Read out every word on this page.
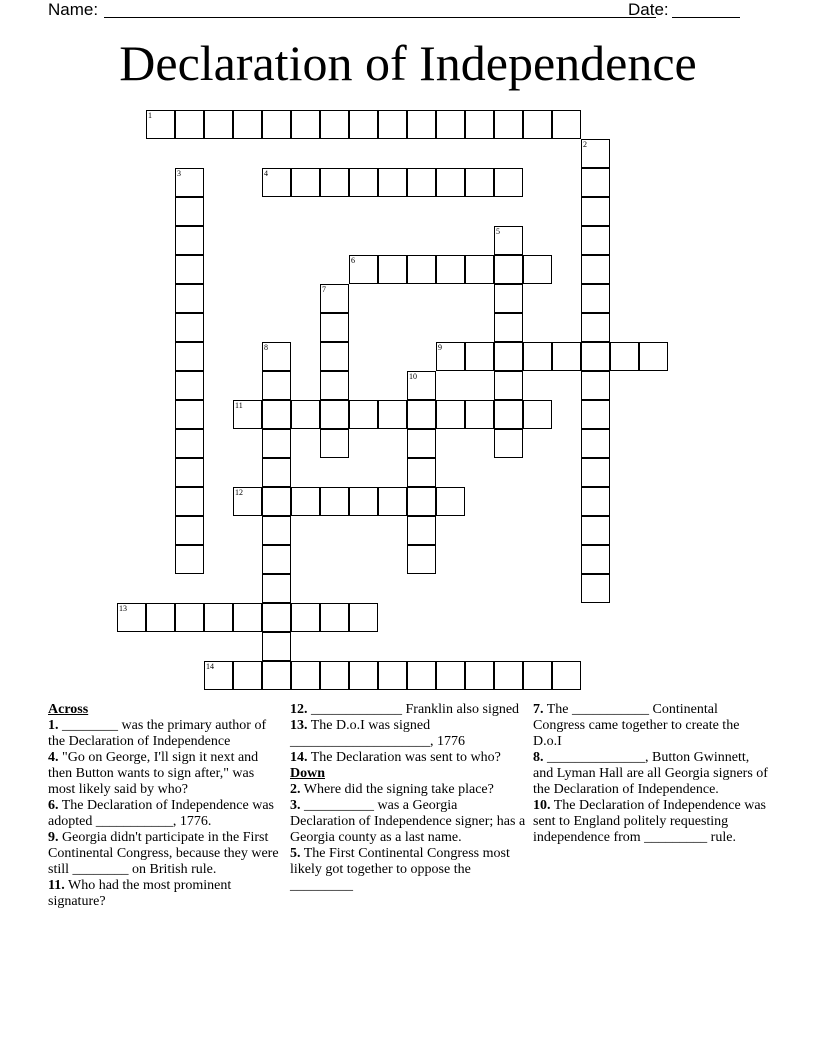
Name:	Date:
Declaration of Independence
1
2
3	4
5
6
7
8	9
10
11
12
13
14
Across

1. ________ was the primary author of the Declaration of Independence

4. "Go on George, I'll sign it next and then Button wants to sign after," was most likely said by who?

6. The Declaration of Independence was adopted ___________, 1776.

9. Georgia didn't participate in the First Continental Congress, because they were still ________ on British rule.

11. Who had the most prominent signature?

12. _____________ Franklin also signed

13. The D.o.I was signed ____________________, 1776

14. The Declaration was sent to who?

Down

2. Where did the signing take place?

3. __________ was a Georgia Declaration of Independence signer; has a Georgia county as a last name.

5. The First Continental Congress most likely got together to oppose the _________

7. The ___________ Continental Congress came together to create the D.o.I

8. ______________, Button Gwinnett, and Lyman Hall are all Georgia signers of the Declaration of Independence.

10. The Declaration of Independence was sent to England politely requesting independence from _________ rule.
